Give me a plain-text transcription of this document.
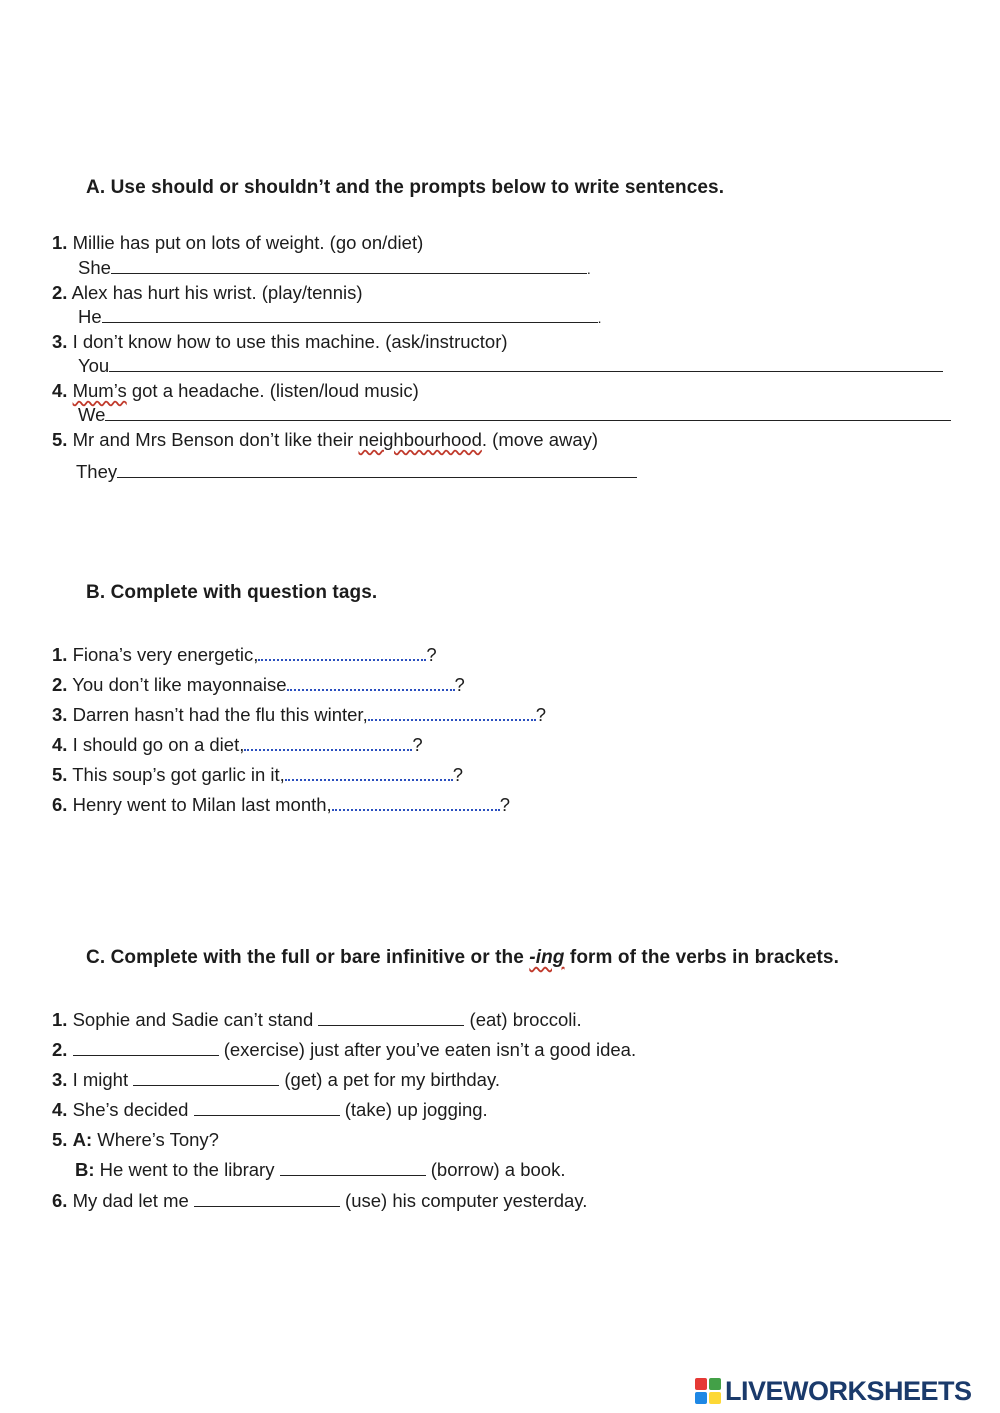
A. Use should or shouldn’t and the prompts below to write sentences.
1. Millie has put on lots of weight. (go on/diet)
She	.
2. Alex has hurt his wrist. (play/tennis)
He	.
3. I don’t know how to use this machine. (ask/instructor)
You
4. Mum’s got a headache. (listen/loud music)
We
5. Mr and Mrs Benson don’t like their neighbourhood. (move away)
They
B. Complete with question tags.
1. Fiona’s very energetic,	?
2. You don’t like mayonnaise	?
3. Darren hasn’t had the flu this winter,	?
4. I should go on a diet,	?
5. This soup’s got garlic in it,	?
6. Henry went to Milan last month,	?
C. Complete with the full or bare infinitive or the -ing form of the verbs in brackets.
1. Sophie and Sadie can’t stand	(eat) broccoli.
2.	(exercise) just after you’ve eaten isn’t a good idea.
3. I might	(get) a pet for my birthday.
4. She’s decided	(take) up jogging.
5. A: Where’s Tony?
B: He went to the library	(borrow) a book.
6. My dad let me	(use) his computer yesterday.
LIVEWORKSHEETS
